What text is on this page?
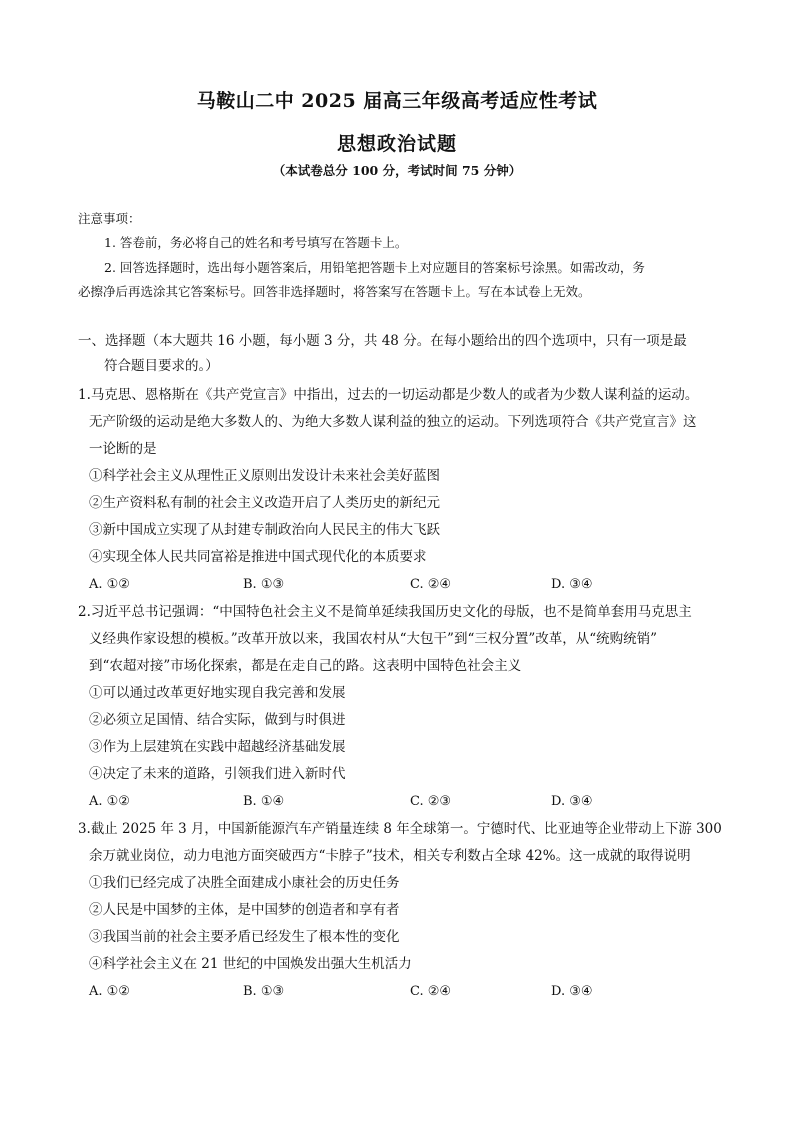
马鞍山二中 2025 届高三年级高考适应性考试
思想政治试题
（本试卷总分 100 分，考试时间 75 分钟）
注意事项：
1. 答卷前，务必将自己的姓名和考号填写在答题卡上。
2. 回答选择题时，选出每小题答案后，用铅笔把答题卡上对应题目的答案标号涂黑。如需改动，务
必擦净后再选涂其它答案标号。回答非选择题时，将答案写在答题卡上。写在本试卷上无效。
一、选择题（本大题共 16 小题，每小题 3 分，共 48 分。在每小题给出的四个选项中，只有一项是最
符合题目要求的。）
1.马克思、恩格斯在《共产党宣言》中指出，过去的一切运动都是少数人的或者为少数人谋利益的运动。
无产阶级的运动是绝大多数人的、为绝大多数人谋利益的独立的运动。下列选项符合《共产党宣言》这
一论断的是
①科学社会主义从理性正义原则出发设计未来社会美好蓝图
②生产资料私有制的社会主义改造开启了人类历史的新纪元
③新中国成立实现了从封建专制政治向人民民主的伟大飞跃
④实现全体人民共同富裕是推进中国式现代化的本质要求
A. ①②	B. ①③	C. ②④	D. ③④
2.习近平总书记强调：“中国特色社会主义不是简单延续我国历史文化的母版，也不是简单套用马克思主
义经典作家设想的模板。”改革开放以来，我国农村从“大包干”到“三权分置”改革，从“统购统销”
到“农超对接”市场化探索，都是在走自己的路。这表明中国特色社会主义
①可以通过改革更好地实现自我完善和发展
②必须立足国情、结合实际，做到与时俱进
③作为上层建筑在实践中超越经济基础发展
④决定了未来的道路，引领我们进入新时代
A. ①②	B. ①④	C. ②③	D. ③④
3.截止 2025 年 3 月，中国新能源汽车产销量连续 8 年全球第一。宁德时代、比亚迪等企业带动上下游 300
余万就业岗位，动力电池方面突破西方“卡脖子”技术，相关专利数占全球 42%。这一成就的取得说明
①我们已经完成了决胜全面建成小康社会的历史任务
②人民是中国梦的主体，是中国梦的创造者和享有者
③我国当前的社会主要矛盾已经发生了根本性的变化
④科学社会主义在 21 世纪的中国焕发出强大生机活力
A. ①②	B. ①③	C. ②④	D. ③④
